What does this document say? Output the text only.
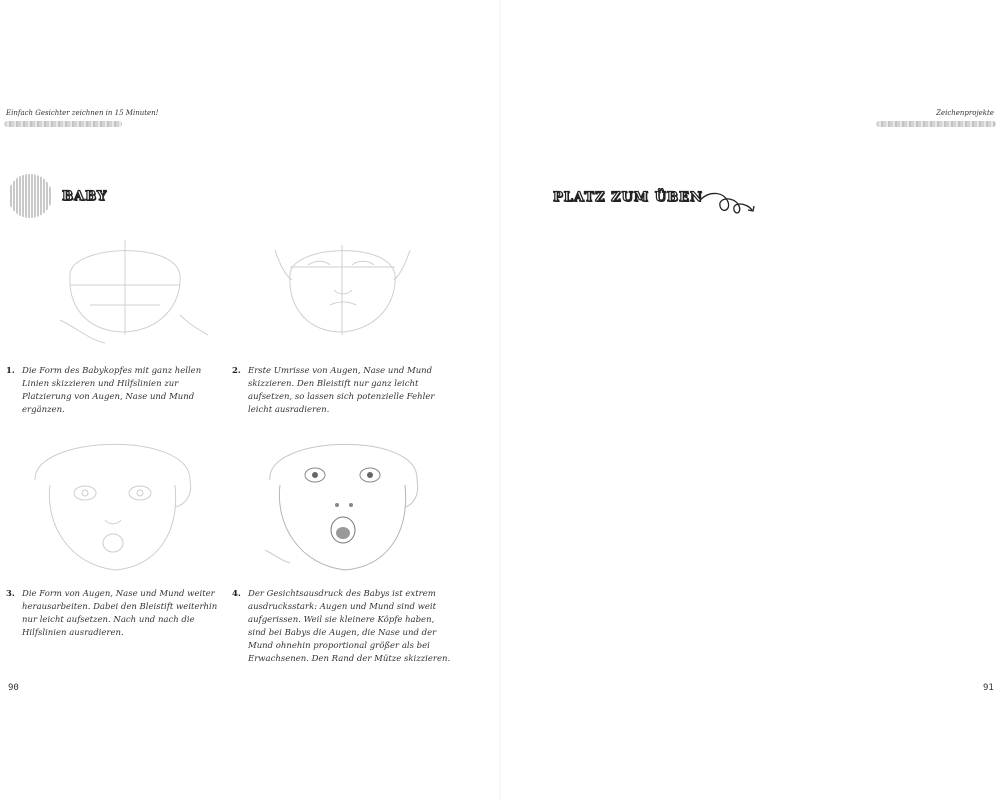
Einfach Gesichter zeichnen in 15 Minuten!
BABY
1. Die Form des Babykopfes mit ganz hellen Linien skizzieren und Hilfslinien zur Platzierung von Augen, Nase und Mund ergänzen.
2. Erste Umrisse von Augen, Nase und Mund skizzieren. Den Bleistift nur ganz leicht aufsetzen, so lassen sich potenzielle Fehler leicht ausradieren.
3. Die Form von Augen, Nase und Mund weiter herausarbeiten. Dabei den Bleistift weiterhin nur leicht aufsetzen. Nach und nach die Hilfslinien ausradieren.
4. Der Gesichtsausdruck des Babys ist extrem ausdrucksstark: Augen und Mund sind weit aufgerissen. Weil sie kleinere Köpfe haben, sind bei Babys die Augen, die Nase und der Mund ohnehin proportional größer als bei Erwachsenen. Den Rand der Mütze skizzieren.
90
Zeichenprojekte
PLATZ ZUM ÜBEN
91
